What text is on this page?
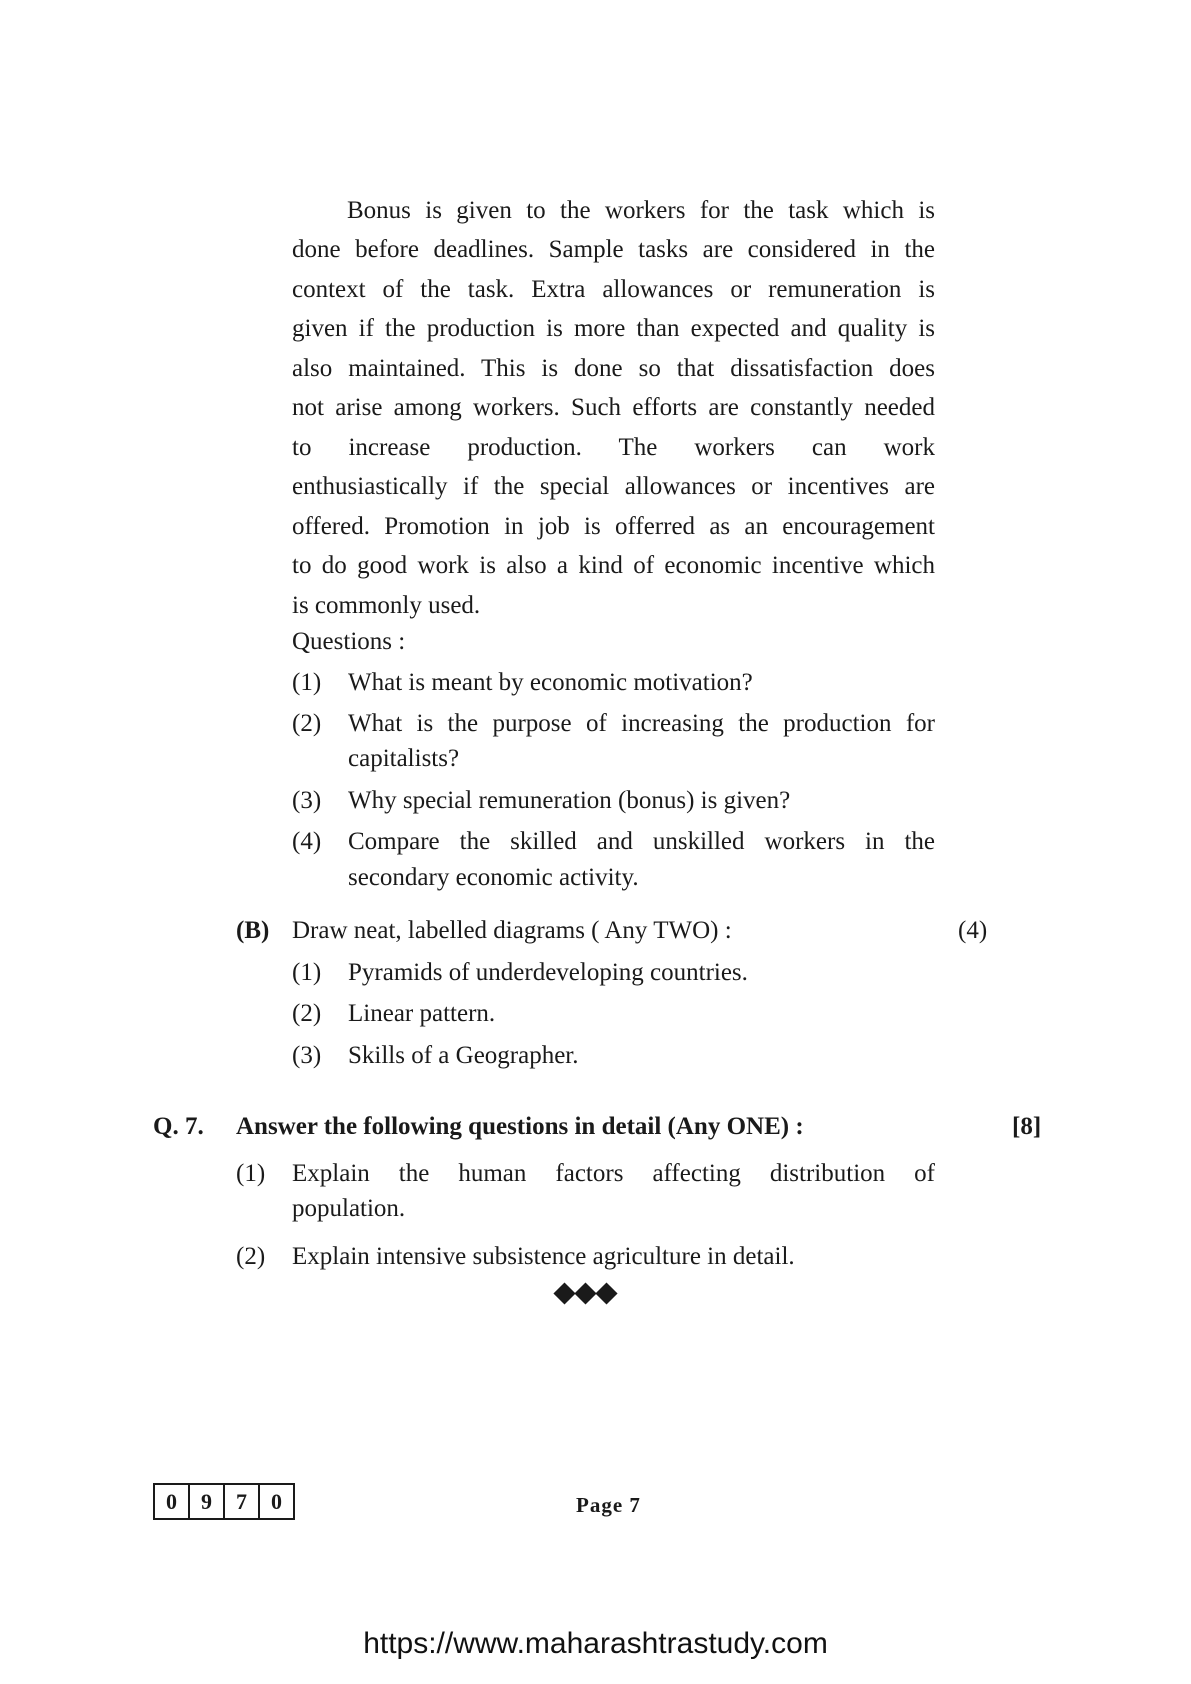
Bonus is given to the workers for the task which is
done before deadlines. Sample tasks are considered in the
context of the task. Extra allowances or remuneration is
given if the production is more than expected and quality is
also maintained. This is done so that dissatisfaction does
not arise among workers. Such efforts are constantly needed
to increase production. The workers can work
enthusiastically if the special allowances or incentives are
offered. Promotion in job is offerred as an encouragement
to do good work is also a kind of economic incentive which
is commonly used.
Questions :
(1) What is meant by economic motivation?
(2) What is the purpose of increasing the production for
capitalists?
(3) Why special remuneration (bonus) is given?
(4) Compare the skilled and unskilled workers in the
secondary economic activity.
(B) Draw neat, labelled diagrams ( Any TWO) :	(4)
(1) Pyramids of underdeveloping countries.
(2) Linear pattern.
(3) Skills of a Geographer.
Q. 7. Answer the following questions in detail (Any ONE) :	[8]
(1) Explain the human factors affecting distribution of
population.
(2) Explain intensive subsistence agriculture in detail.
0	9	7	0	Page 7
https://www.maharashtrastudy.com
